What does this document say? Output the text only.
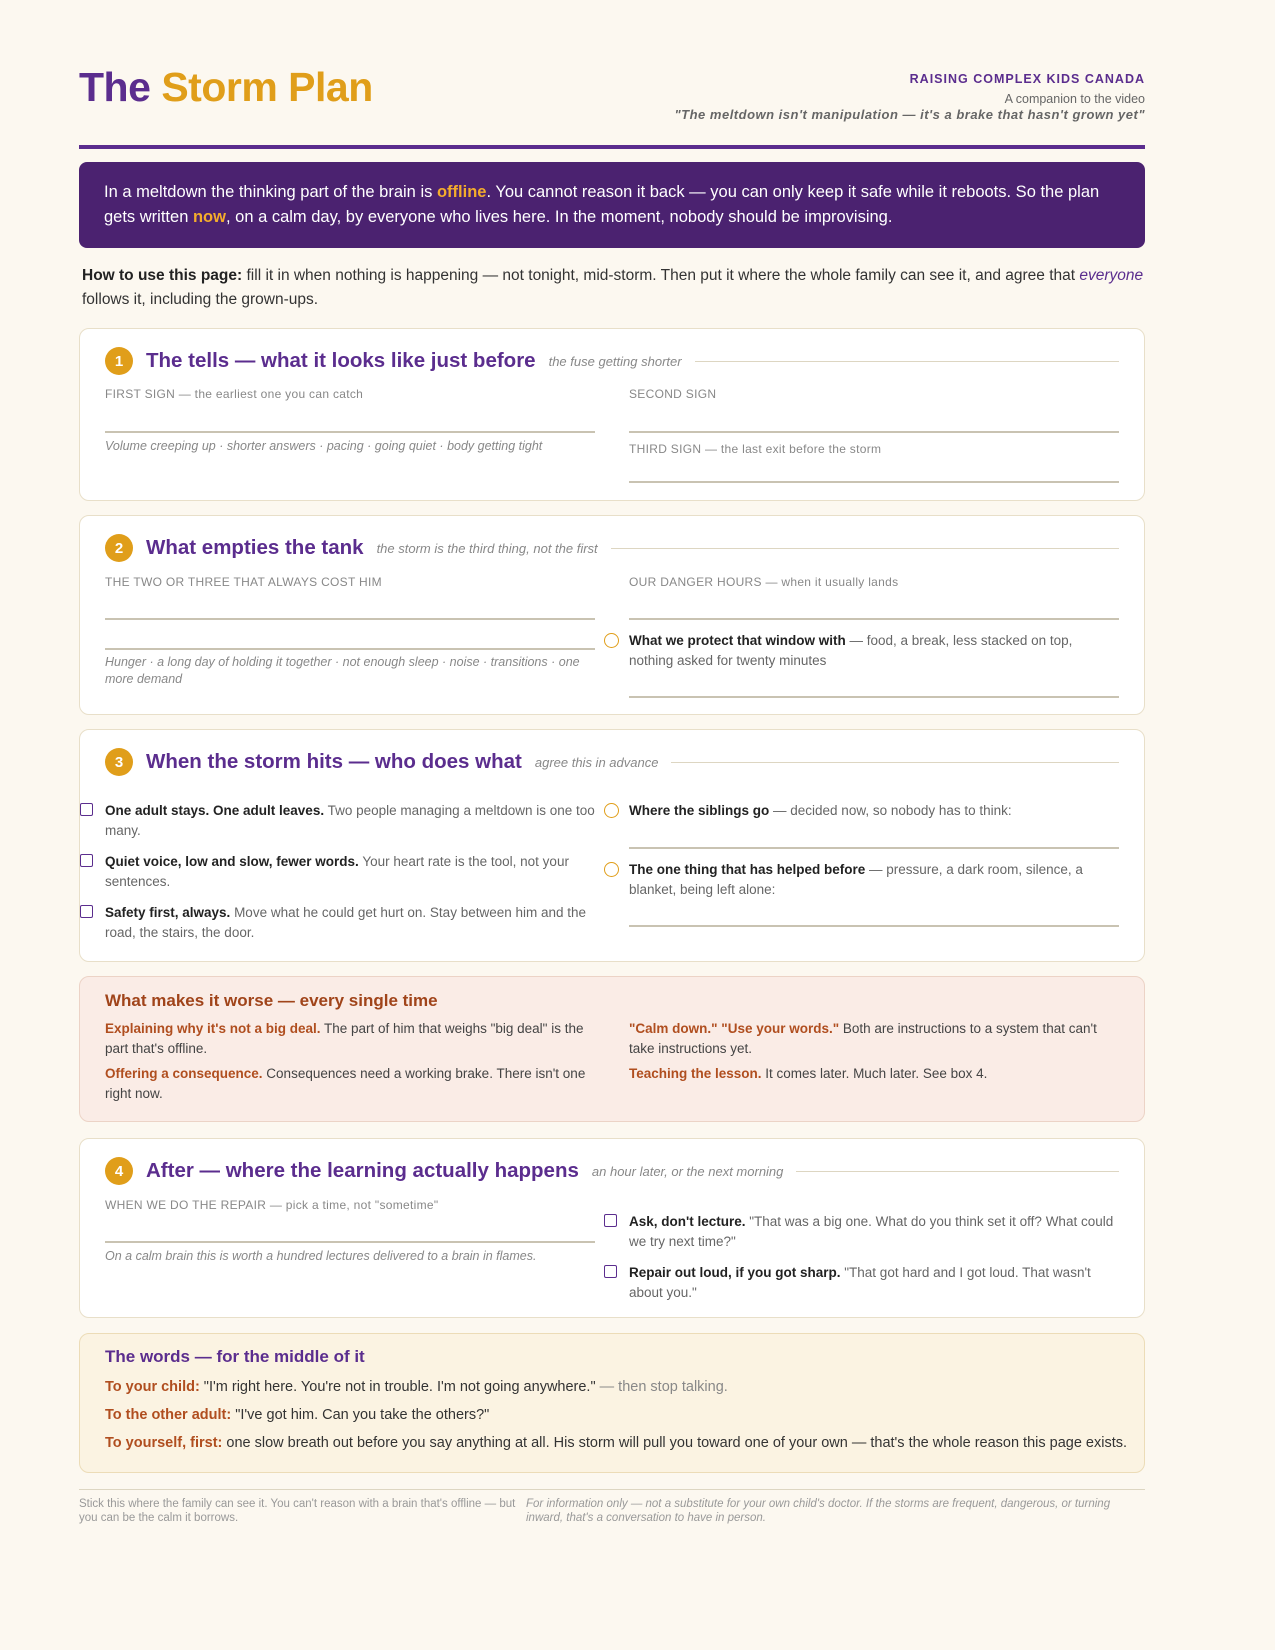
The Storm Plan	RAISING COMPLEX KIDS CANADA
A companion to the video
"The meltdown isn't manipulation — it's a brake that hasn't grown yet"
In a meltdown the thinking part of the brain is offline. You cannot reason it back — you can only keep it safe while it reboots. So the plan gets written now, on a calm day, by everyone who lives here. In the moment, nobody should be improvising.
How to use this page: fill it in when nothing is happening — not tonight, mid-storm. Then put it where the whole family can see it, and agree that everyone follows it, including the grown-ups.
1	The tells — what it looks like just before the fuse getting shorter
FIRST SIGN — the earliest one you can catch
Volume creeping up · shorter answers · pacing · going quiet · body getting tight
SECOND SIGN
THIRD SIGN — the last exit before the storm
2	What empties the tank the storm is the third thing, not the first
THE TWO OR THREE THAT ALWAYS COST HIM
Hunger · a long day of holding it together · not enough sleep · noise · transitions · one more demand
OUR DANGER HOURS — when it usually lands
What we protect that window with — food, a break, less stacked on top, nothing asked for twenty minutes
3	When the storm hits — who does what agree this in advance
One adult stays. One adult leaves. Two people managing a meltdown is one too many.
Quiet voice, low and slow, fewer words. Your heart rate is the tool, not your sentences.
Safety first, always. Move what he could get hurt on. Stay between him and the road, the stairs, the door.
Where the siblings go — decided now, so nobody has to think:
The one thing that has helped before — pressure, a dark room, silence, a blanket, being left alone:
What makes it worse — every single time
Explaining why it's not a big deal. The part of him that weighs "big deal" is the part that's offline.
Offering a consequence. Consequences need a working brake. There isn't one right now.
"Calm down." "Use your words." Both are instructions to a system that can't take instructions yet.
Teaching the lesson. It comes later. Much later. See box 4.
4	After — where the learning actually happens an hour later, or the next morning
WHEN WE DO THE REPAIR — pick a time, not "sometime"
On a calm brain this is worth a hundred lectures delivered to a brain in flames.
Ask, don't lecture. "That was a big one. What do you think set it off? What could we try next time?"
Repair out loud, if you got sharp. "That got hard and I got loud. That wasn't about you."
The words — for the middle of it
To your child: "I'm right here. You're not in trouble. I'm not going anywhere." — then stop talking.
To the other adult: "I've got him. Can you take the others?"
To yourself, first: one slow breath out before you say anything at all. His storm will pull you toward one of your own — that's the whole reason this page exists.
Stick this where the family can see it. You can't reason with a brain that's offline — but you can be the calm it borrows.
For information only — not a substitute for your own child's doctor. If the storms are frequent, dangerous, or turning inward, that's a conversation to have in person.
